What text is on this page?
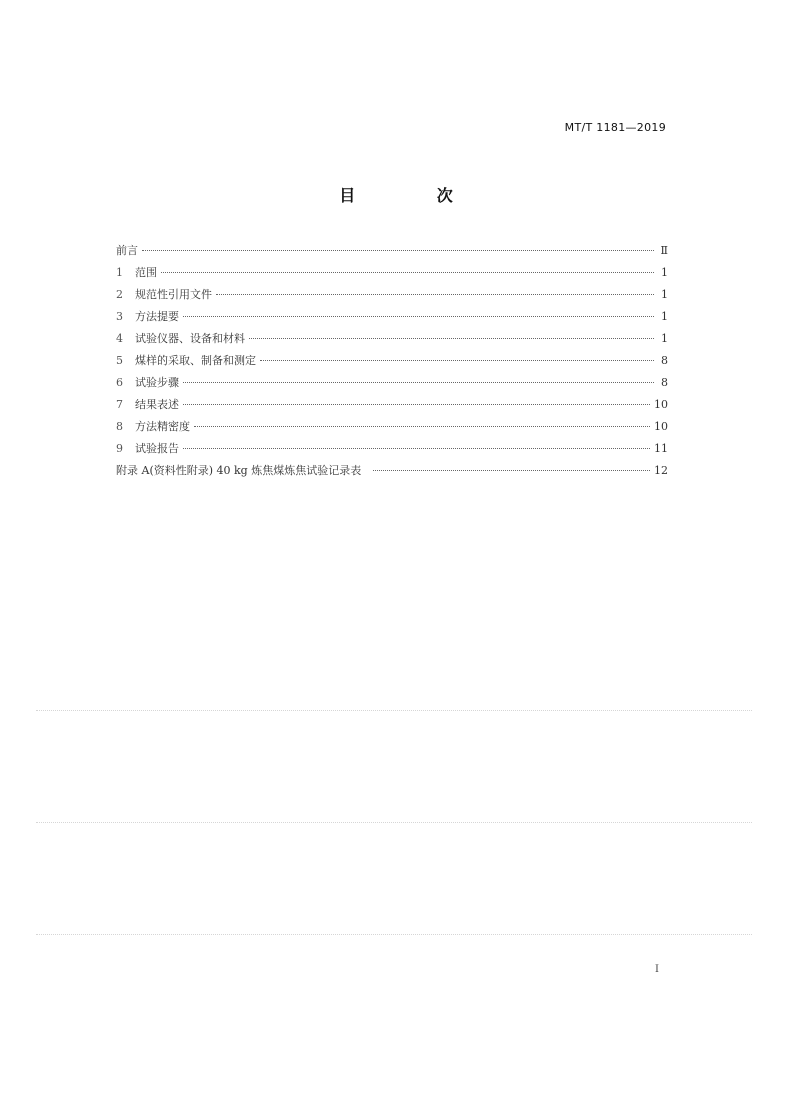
MT/T 1181—2019
目 次
前言	Ⅱ
1	范围	1
2	规范性引用文件	1
3	方法提要	1
4	试验仪器、设备和材料	1
5	煤样的采取、制备和测定	8
6	试验步骤	8
7	结果表述	10
8	方法精密度	10
9	试验报告	11
附录 A(资料性附录) 40 kg 炼焦煤炼焦试验记录表	12
I
